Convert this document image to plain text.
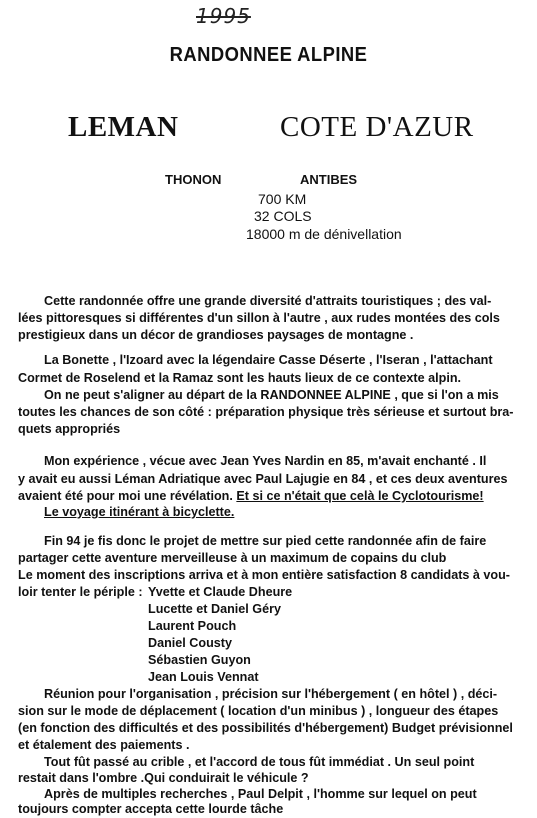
1995
RANDONNEE ALPINE
LEMAN	COTE D'AZUR
THONON	ANTIBES
700 KM
32 COLS
18000 m de dénivellation
Cette randonnée offre une grande diversité d'attraits touristiques ; des val-
lées pittoresques si différentes d'un sillon à l'autre , aux rudes montées des cols
prestigieux dans un décor de grandioses paysages de montagne .
La Bonette , l'Izoard avec la légendaire Casse Déserte , l'Iseran , l'attachant
Cormet de Roselend et la Ramaz sont les hauts lieux de ce contexte alpin.
On ne peut s'aligner au départ de la RANDONNEE ALPINE , que si l'on a mis
toutes les chances de son côté : préparation physique très sérieuse et surtout bra-
quets appropriés
Mon expérience , vécue avec Jean Yves Nardin en 85, m'avait enchanté . Il
y avait eu aussi Léman Adriatique avec Paul Lajugie en 84 , et ces deux aventures
avaient été pour moi une révélation. Et si ce n'était que celà le Cyclotourisme!
Le voyage itinérant à bicyclette.
Fin 94 je fis donc le projet de mettre sur pied cette randonnée afin de faire
partager cette aventure merveilleuse à un maximum de copains du club
Le moment des inscriptions arriva et à mon entière satisfaction 8 candidats à vou-
loir tenter le périple : Yvette et Claude Dheure
Lucette et Daniel Géry
Laurent Pouch
Daniel Cousty
Sébastien Guyon
Jean Louis Vennat
Réunion pour l'organisation , précision sur l'hébergement ( en hôtel ) , déci-
sion sur le mode de déplacement ( location d'un minibus ) , longueur des étapes
(en fonction des difficultés et des possibilités d'hébergement) Budget prévisionnel
et étalement des paiements .
Tout fût passé au crible , et l'accord de tous fût immédiat . Un seul point
restait dans l'ombre .Qui conduirait le véhicule ?
Après de multiples recherches , Paul Delpit , l'homme sur lequel on peut
toujours compter accepta cette lourde tâche
